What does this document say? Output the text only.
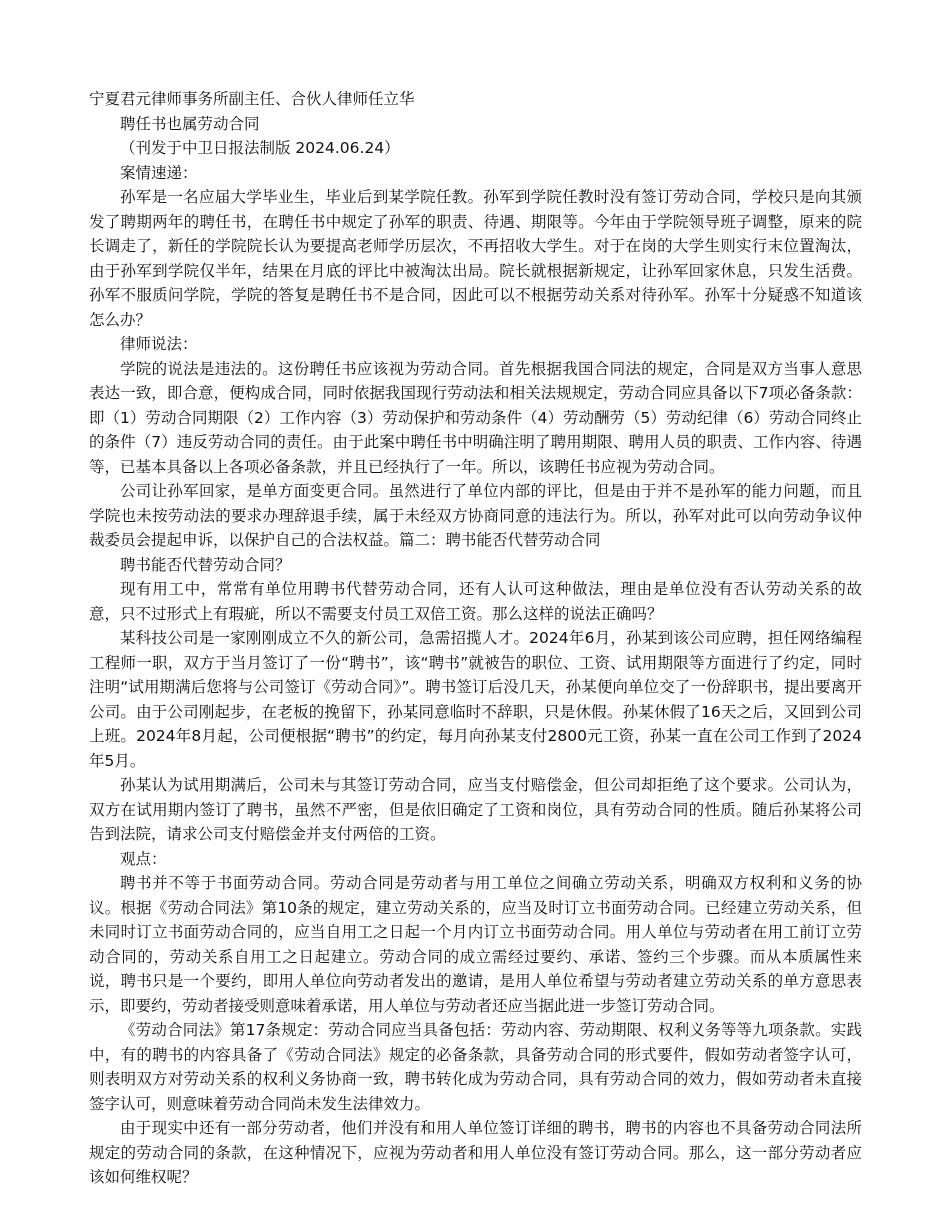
宁夏君元律师事务所副主任、合伙人律师任立华

聘任书也属劳动合同

（刊发于中卫日报法制版 2024.06.24）

案情速递：

孙军是一名应届大学毕业生，毕业后到某学院任教。孙军到学院任教时没有签订劳动合同，学校只是向其颁发了聘期两年的聘任书，在聘任书中规定了孙军的职责、待遇、期限等。今年由于学院领导班子调整，原来的院长调走了，新任的学院院长认为要提高老师学历层次，不再招收大学生。对于在岗的大学生则实行末位置淘汰，由于孙军到学院仅半年，结果在月底的评比中被淘汰出局。院长就根据新规定，让孙军回家休息，只发生活费。孙军不服质问学院，学院的答复是聘任书不是合同，因此可以不根据劳动关系对待孙军。孙军十分疑惑不知道该怎么办？

律师说法：

学院的说法是违法的。这份聘任书应该视为劳动合同。首先根据我国合同法的规定，合同是双方当事人意思表达一致，即合意，便构成合同，同时依据我国现行劳动法和相关法规规定，劳动合同应具备以下7项必备条款：即（1）劳动合同期限（2）工作内容（3）劳动保护和劳动条件（4）劳动酬劳（5）劳动纪律（6）劳动合同终止的条件（7）违反劳动合同的责任。由于此案中聘任书中明确注明了聘用期限、聘用人员的职责、工作内容、待遇等，已基本具备以上各项必备条款，并且已经执行了一年。所以，该聘任书应视为劳动合同。

公司让孙军回家，是单方面变更合同。虽然进行了单位内部的评比，但是由于并不是孙军的能力问题，而且学院也未按劳动法的要求办理辞退手续，属于未经双方协商同意的违法行为。所以，孙军对此可以向劳动争议仲裁委员会提起申诉，以保护自己的合法权益。篇二：聘书能否代替劳动合同

聘书能否代替劳动合同？

现有用工中，常常有单位用聘书代替劳动合同，还有人认可这种做法，理由是单位没有否认劳动关系的故意，只不过形式上有瑕疵，所以不需要支付员工双倍工资。那么这样的说法正确吗？

某科技公司是一家刚刚成立不久的新公司，急需招揽人才。2024年6月，孙某到该公司应聘，担任网络编程工程师一职，双方于当月签订了一份“聘书”，该“聘书”就被告的职位、工资、试用期限等方面进行了约定，同时注明“试用期满后您将与公司签订《劳动合同》”。聘书签订后没几天，孙某便向单位交了一份辞职书，提出要离开公司。由于公司刚起步，在老板的挽留下，孙某同意临时不辞职，只是休假。孙某休假了16天之后，又回到公司上班。2024年8月起，公司便根据“聘书”的约定，每月向孙某支付2800元工资，孙某一直在公司工作到了2024年5月。

孙某认为试用期满后，公司未与其签订劳动合同，应当支付赔偿金，但公司却拒绝了这个要求。公司认为，双方在试用期内签订了聘书，虽然不严密，但是依旧确定了工资和岗位，具有劳动合同的性质。随后孙某将公司告到法院，请求公司支付赔偿金并支付两倍的工资。

观点：

聘书并不等于书面劳动合同。劳动合同是劳动者与用工单位之间确立劳动关系，明确双方权利和义务的协议。根据《劳动合同法》第10条的规定，建立劳动关系的，应当及时订立书面劳动合同。已经建立劳动关系，但未同时订立书面劳动合同的，应当自用工之日起一个月内订立书面劳动合同。用人单位与劳动者在用工前订立劳动合同的，劳动关系自用工之日起建立。劳动合同的成立需经过要约、承诺、签约三个步骤。而从本质属性来说，聘书只是一个要约，即用人单位向劳动者发出的邀请，是用人单位希望与劳动者建立劳动关系的单方意思表示，即要约，劳动者接受则意味着承诺，用人单位与劳动者还应当据此进一步签订劳动合同。

《劳动合同法》第17条规定：劳动合同应当具备包括：劳动内容、劳动期限、权利义务等等九项条款。实践中，有的聘书的内容具备了《劳动合同法》规定的必备条款，具备劳动合同的形式要件，假如劳动者签字认可，则表明双方对劳动关系的权利义务协商一致，聘书转化成为劳动合同，具有劳动合同的效力，假如劳动者未直接签字认可，则意味着劳动合同尚未发生法律效力。

由于现实中还有一部分劳动者，他们并没有和用人单位签订详细的聘书，聘书的内容也不具备劳动合同法所规定的劳动合同的条款，在这种情况下，应视为劳动者和用人单位没有签订劳动合同。那么，这一部分劳动者应该如何维权呢？
